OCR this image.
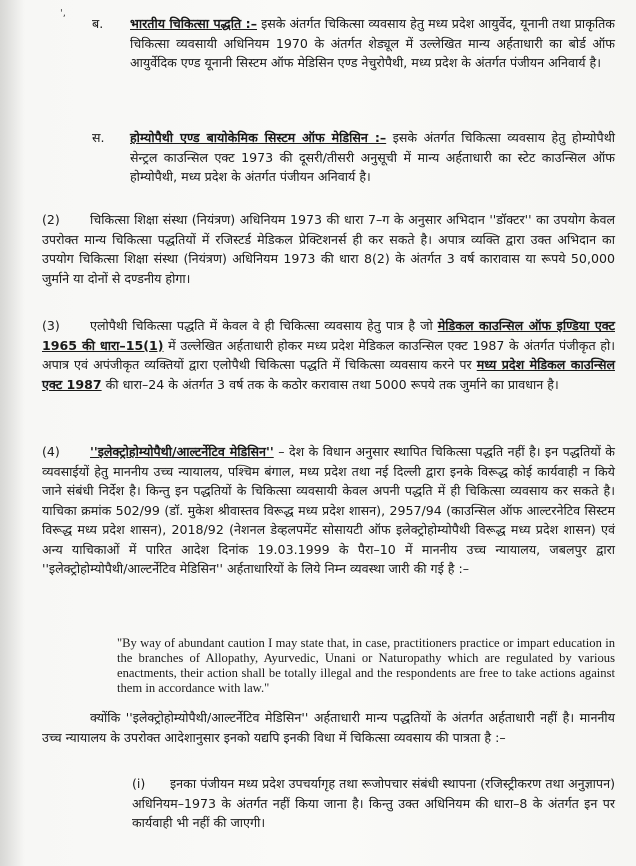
',
ब. भारतीय चिकित्सा पद्धति :– इसके अंतर्गत चिकित्सा व्यवसाय हेतु मध्य प्रदेश आयुर्वेद, यूनानी तथा प्राकृतिक चिकित्सा व्यवसायी अधिनियम 1970 के अंतर्गत शेड्यूल में उल्लेखित मान्य अर्हताधारी का बोर्ड ऑफ आयुर्वेदिक एण्ड यूनानी सिस्टम ऑफ मेडिसिन एण्ड नेचुरोपैथी, मध्य प्रदेश के अंतर्गत पंजीयन अनिवार्य है।

स. होम्योपैथी एण्ड बायोकेमिक सिस्टम ऑफ मेडिसिन :– इसके अंतर्गत चिकित्सा व्यवसाय हेतु होम्योपैथी सेन्ट्रल काउन्सिल एक्ट 1973 की दूसरी/तीसरी अनुसूची में मान्य अर्हताधारी का स्टेट काउन्सिल ऑफ होम्योपैथी, मध्य प्रदेश के अंतर्गत पंजीयन अनिवार्य है।

(2)	चिकित्सा शिक्षा संस्था (नियंत्रण) अधिनियम 1973 की धारा 7–ग के अनुसार अभिदान ''डॉक्टर'' का उपयोग केवल उपरोक्त मान्य चिकित्सा पद्धतियों में रजिस्टर्ड मेडिकल प्रेक्टिशनर्स ही कर सकते है। अपात्र व्यक्ति द्वारा उक्त अभिदान का उपयोग चिकित्सा शिक्षा संस्था (नियंत्रण) अधिनियम 1973 की धारा 8(2) के अंतर्गत 3 वर्ष कारावास या रूपये 50,000 जुर्माने या दोनों से दण्डनीय होगा।

(3)	एलोपैथी चिकित्सा पद्धति में केवल वे ही चिकित्सा व्यवसाय हेतु पात्र है जो मेडिकल काउन्सिल ऑफ इण्डिया एक्ट 1965 की धारा–15(1) में उल्लेखित अर्हताधारी होकर मध्य प्रदेश मेडिकल काउन्सिल एक्ट 1987 के अंतर्गत पंजीकृत हो। अपात्र एवं अपंजीकृत व्यक्तियों द्वारा एलोपैथी चिकित्सा पद्धति में चिकित्सा व्यवसाय करने पर मध्य प्रदेश मेडिकल काउन्सिल एक्ट 1987 की धारा–24 के अंतर्गत 3 वर्ष तक के कठोर करावास तथा 5000 रूपये तक जुर्माने का प्रावधान है।

(4)	''इलेक्ट्रोहोम्योपैथी/आल्टर्नेटिव मेडिसिन'' – देश के विधान अनुसार स्थापित चिकित्सा पद्धति नहीं है। इन पद्धतियों के व्यवसाईयों हेतु माननीय उच्च न्यायालय, पश्चिम बंगाल, मध्य प्रदेश तथा नई दिल्ली द्वारा इनके विरूद्ध कोई कार्यवाही न किये जाने संबंधी निर्देश है। किन्तु इन पद्धतियों के चिकित्सा व्यवसायी केवल अपनी पद्धति में ही चिकित्सा व्यवसाय कर सकते है। याचिका क्रमांक 502/99 (डॉ. मुकेश श्रीवास्तव विरूद्ध मध्य प्रदेश शासन), 2957/94 (काउन्सिल ऑफ आल्टरनेटिव सिस्टम विरूद्ध मध्य प्रदेश शासन), 2018/92 (नेशनल डेव्हलपमेंट सोसायटी ऑफ इलेक्ट्रोहोम्योपैथी विरूद्ध मध्य प्रदेश शासन) एवं अन्य याचिकाओं में पारित आदेश दिनांक 19.03.1999 के पैरा–10 में माननीय उच्च न्यायालय, जबलपुर द्वारा ''इलेक्ट्रोहोम्योपैथी/आल्टर्नेटिव मेडिसिन'' अर्हताधारियों के लिये निम्न व्यवस्था जारी की गई है :–

"By way of abundant caution I may state that, in case, practitioners practice or impart education in the branches of Allopathy, Ayurvedic, Unani or Naturopathy which are regulated by various enactments, their action shall be totally illegal and the respondents are free to take actions against them in accordance with law."

क्योंकि ''इलेक्ट्रोहोम्योपैथी/आल्टर्नेटिव मेडिसिन'' अर्हताधारी मान्य पद्धतियों के अंतर्गत अर्हताधारी नहीं है। माननीय उच्च न्यायालय के उपरोक्त आदेशानुसार इनको यद्यपि इनकी विधा में चिकित्सा व्यवसाय की पात्रता है :–

(i)	इनका पंजीयन मध्य प्रदेश उपचर्यागृह तथा रूजोपचार संबंधी स्थापना (रजिस्ट्रीकरण तथा अनुज्ञापन) अधिनियम–1973 के अंतर्गत नहीं किया जाना है। किन्तु उक्त अधिनियम की धारा–8 के अंतर्गत इन पर कार्यवाही भी नहीं की जाएगी।
